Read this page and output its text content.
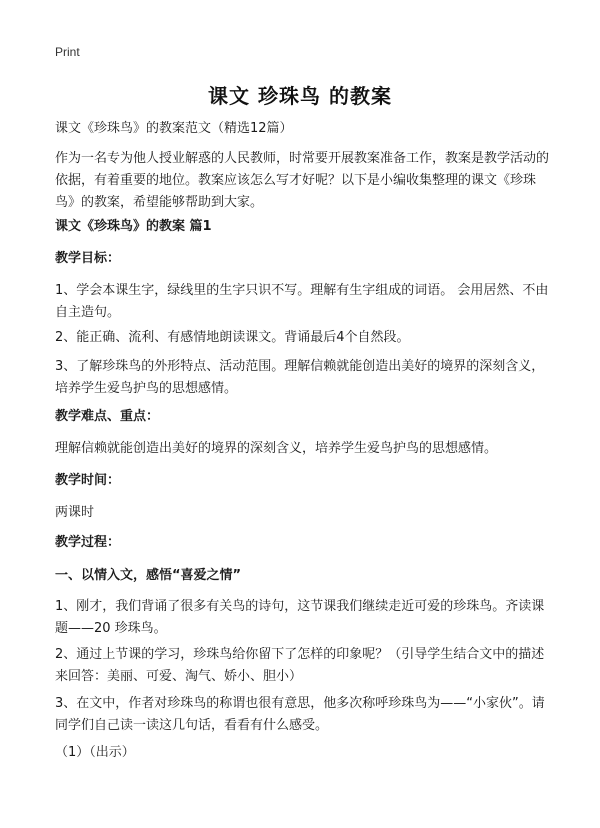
Print
课文 珍珠鸟 的教案
课文《珍珠鸟》的教案范文（精选12篇）
作为一名专为他人授业解惑的人民教师，时常要开展教案准备工作，教案是教学活动的依据，有着重要的地位。教案应该怎么写才好呢？以下是小编收集整理的课文《珍珠鸟》的教案，希望能够帮助到大家。
课文《珍珠鸟》的教案 篇1
教学目标：
1、学会本课生字，绿线里的生字只识不写。理解有生字组成的词语。 会用居然、不由自主造句。
2、能正确、流利、有感情地朗读课文。背诵最后4个自然段。
3、了解珍珠鸟的外形特点、活动范围。理解信赖就能创造出美好的境界的深刻含义，培养学生爱鸟护鸟的思想感情。
教学难点、重点：
理解信赖就能创造出美好的境界的深刻含义，培养学生爱鸟护鸟的思想感情。
教学时间：
两课时
教学过程：
一、以情入文，感悟“喜爱之情”
1、刚才，我们背诵了很多有关鸟的诗句，这节课我们继续走近可爱的珍珠鸟。齐读课题——20 珍珠鸟。
2、通过上节课的学习，珍珠鸟给你留下了怎样的印象呢？（引导学生结合文中的描述来回答：美丽、可爱、淘气、娇小、胆小）
3、在文中，作者对珍珠鸟的称谓也很有意思，他多次称呼珍珠鸟为——“小家伙”。请同学们自己读一读这几句话，看看有什么感受。
（1）（出示）
